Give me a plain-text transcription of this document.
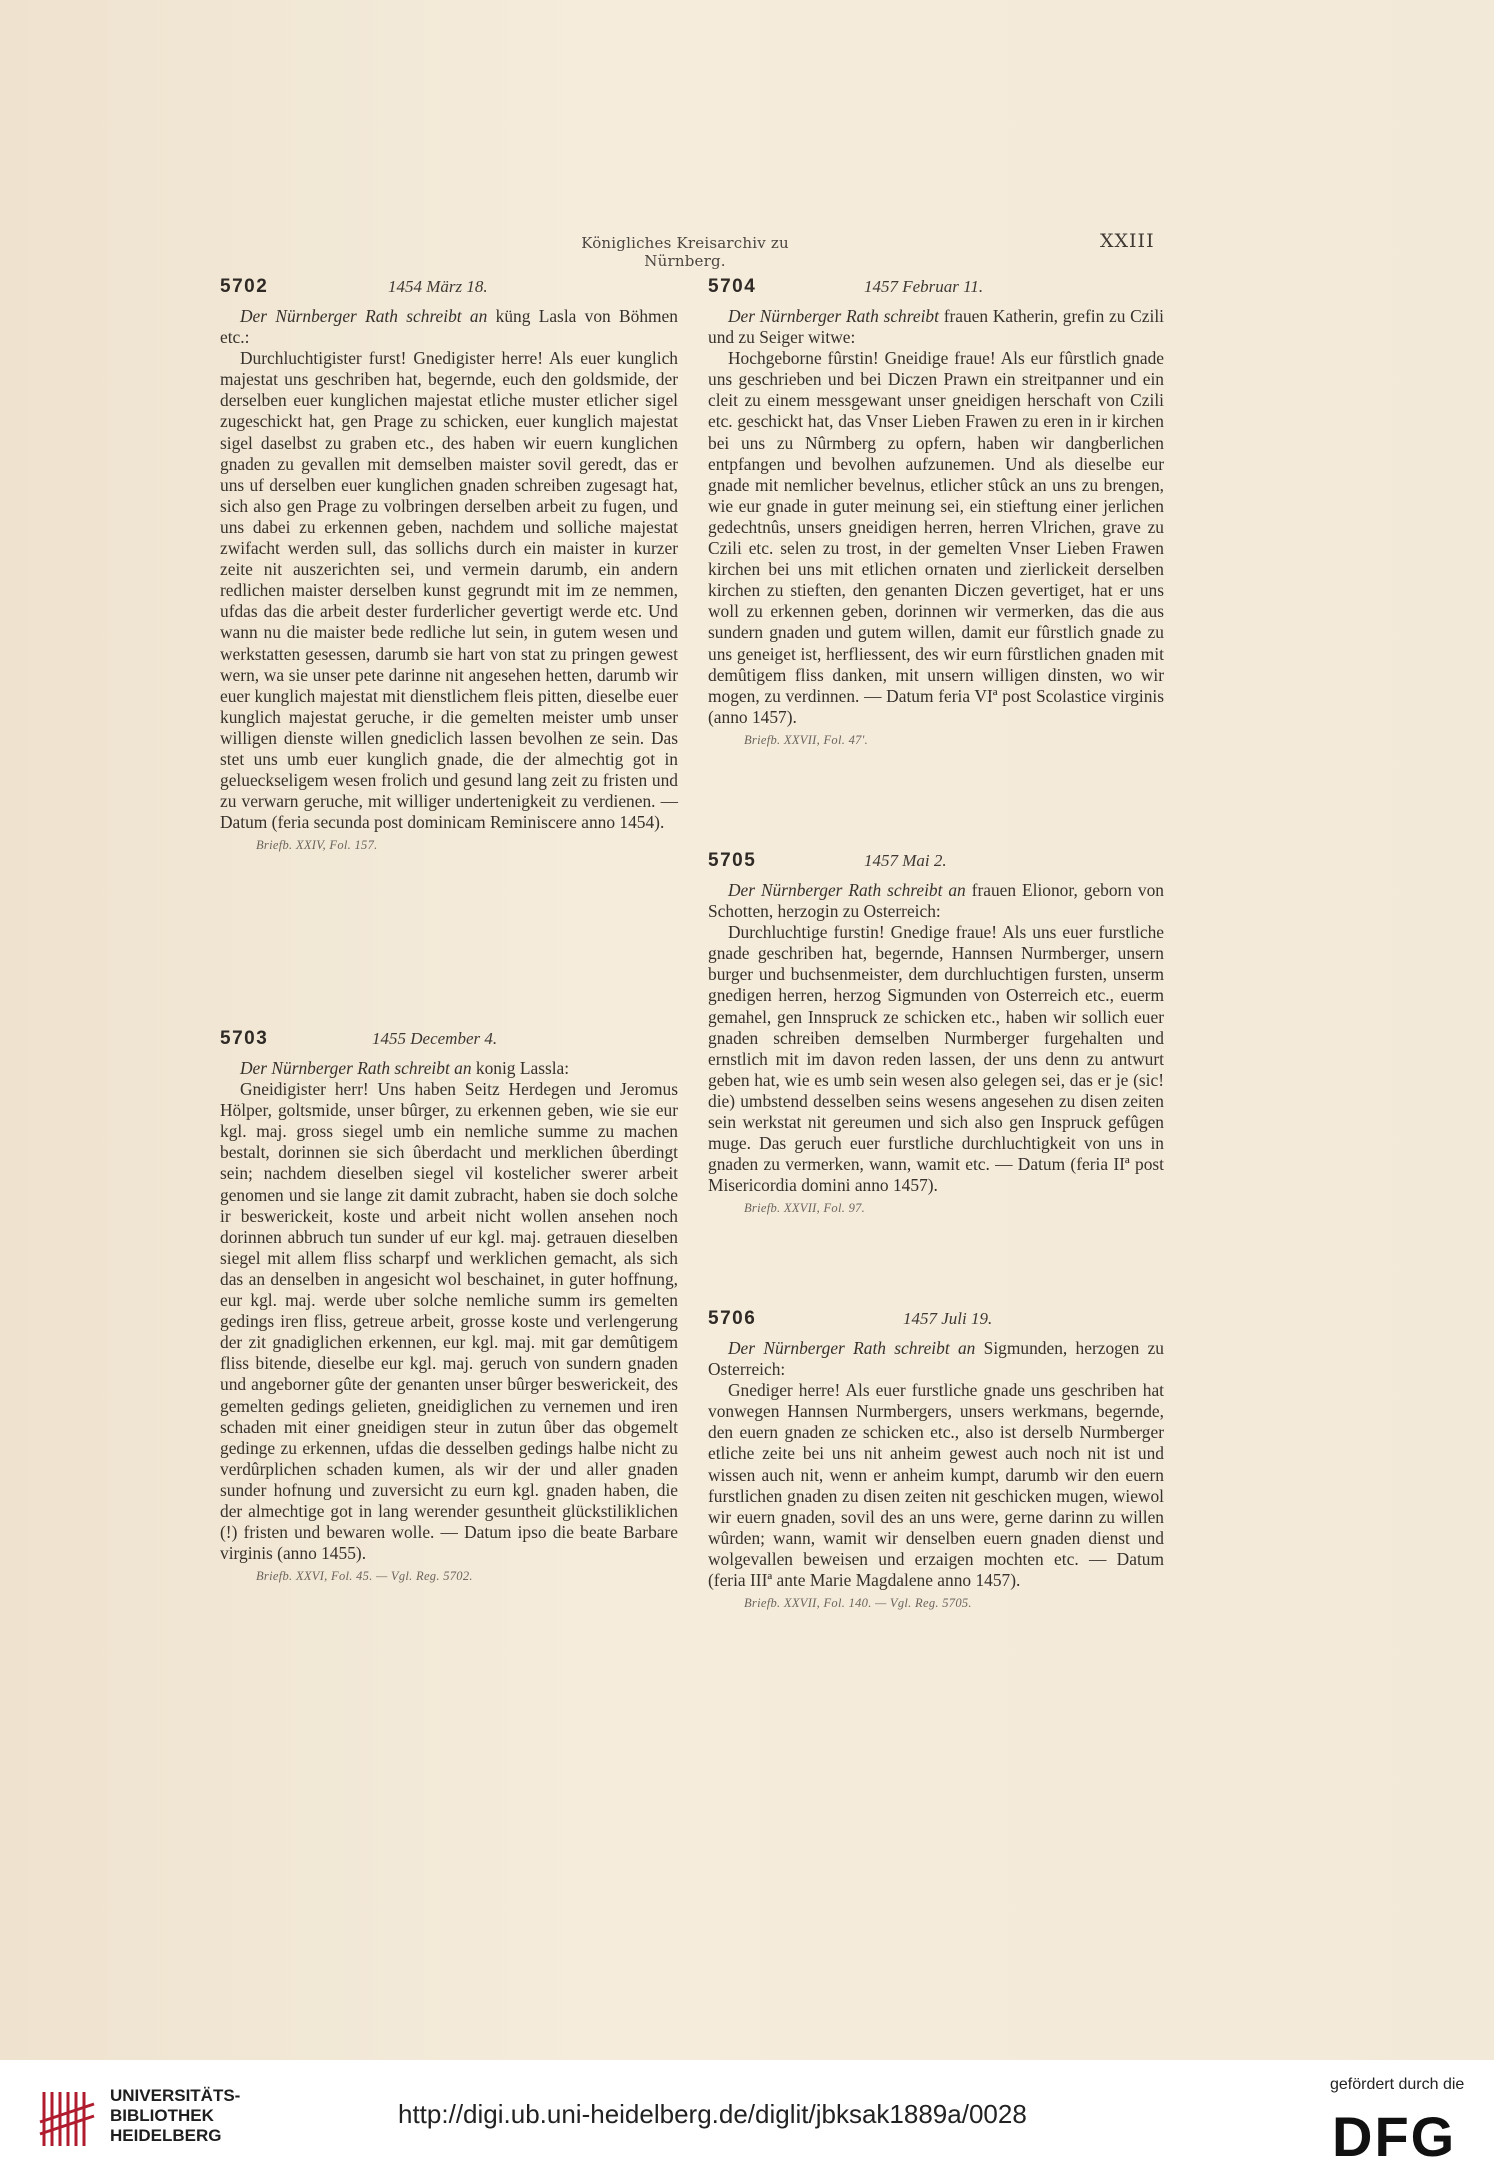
Königliches Kreisarchiv zu Nürnberg.
XXIII
5702	1454 März 18.

Der Nürnberger Rath schreibt an küng Lasla von Böhmen etc.:

Durchluchtigister furst! Gnedigister herre! Als euer kunglich majestat uns geschriben hat, begernde, euch den goldsmide, der derselben euer kunglichen majestat etliche muster etlicher sigel zugeschickt hat, gen Prage zu schicken, euer kunglich majestat sigel daselbst zu graben etc., des haben wir euern kunglichen gnaden zu gevallen mit demselben maister sovil geredt, das er uns uf derselben euer kunglichen gnaden schreiben zugesagt hat, sich also gen Prage zu volbringen derselben arbeit zu fugen, und uns dabei zu erkennen geben, nachdem und solliche majestat zwifacht werden sull, das sollichs durch ein maister in kurzer zeite nit auszerichten sei, und vermein darumb, ein andern redlichen maister derselben kunst gegrundt mit im ze nemmen, ufdas das die arbeit dester furderlicher gevertigt werde etc. Und wann nu die maister bede redliche lut sein, in gutem wesen und werkstatten gesessen, darumb sie hart von stat zu pringen gewest wern, wa sie unser pete darinne nit angesehen hetten, darumb wir euer kunglich majestat mit dienstlichem fleis pitten, dieselbe euer kunglich majestat geruche, ir die gemelten meister umb unser willigen dienste willen gnediclich lassen bevolhen ze sein. Das stet uns umb euer kunglich gnade, die der almechtig got in gelueckseligem wesen frolich und gesund lang zeit zu fristen und zu verwarn geruche, mit williger undertenigkeit zu verdienen. — Datum (feria secunda post dominicam Reminiscere anno 1454).

Briefb. XXIV, Fol. 157.

5703	1455 December 4.

Der Nürnberger Rath schreibt an konig Lassla:

Gneidigister herr! Uns haben Seitz Herdegen und Jeromus Hölper, goltsmide, unser bûrger, zu erkennen geben, wie sie eur kgl. maj. gross siegel umb ein nemliche summe zu machen bestalt, dorinnen sie sich ûberdacht und merklichen ûberdingt sein; nachdem dieselben siegel vil kostelicher swerer arbeit genomen und sie lange zit damit zubracht, haben sie doch solche ir beswerickeit, koste und arbeit nicht wollen ansehen noch dorinnen abbruch tun sunder uf eur kgl. maj. getrauen dieselben siegel mit allem fliss scharpf und werklichen gemacht, als sich das an denselben in angesicht wol beschainet, in guter hoffnung, eur kgl. maj. werde uber solche nemliche summ irs gemelten gedings iren fliss, getreue arbeit, grosse koste und verlengerung der zit gnadiglichen erkennen, eur kgl. maj. mit gar demûtigem fliss bitende, dieselbe eur kgl. maj. geruch von sundern gnaden und angeborner gûte der genanten unser bûrger beswerickeit, des gemelten gedings gelieten, gneidiglichen zu vernemen und iren schaden mit einer gneidigen steur in zutun ûber das obgemelt gedinge zu erkennen, ufdas die desselben gedings halbe nicht zu verdûrplichen schaden kumen, als wir der und aller gnaden sunder hofnung und zuversicht zu eurn kgl. gnaden haben, die der almechtige got in lang werender gesuntheit glückstiliklichen (!) fristen und bewaren wolle. — Datum ipso die beate Barbare virginis (anno 1455).

Briefb. XXVI, Fol. 45. — Vgl. Reg. 5702.

5704	1457 Februar 11.

Der Nürnberger Rath schreibt frauen Katherin, grefin zu Czili und zu Seiger witwe:

Hochgeborne fûrstin! Gneidige fraue! Als eur fûrstlich gnade uns geschrieben und bei Diczen Prawn ein streitpanner und ein cleit zu einem messgewant unser gneidigen herschaft von Czili etc. geschickt hat, das Vnser Lieben Frawen zu eren in ir kirchen bei uns zu Nûrmberg zu opfern, haben wir dangberlichen entpfangen und bevolhen aufzunemen. Und als dieselbe eur gnade mit nemlicher bevelnus, etlicher stûck an uns zu brengen, wie eur gnade in guter meinung sei, ein stieftung einer jerlichen gedechtnûs, unsers gneidigen herren, herren Vlrichen, grave zu Czili etc. selen zu trost, in der gemelten Vnser Lieben Frawen kirchen bei uns mit etlichen ornaten und zierlickeit derselben kirchen zu stieften, den genanten Diczen gevertiget, hat er uns woll zu erkennen geben, dorinnen wir vermerken, das die aus sundern gnaden und gutem willen, damit eur fûrstlich gnade zu uns geneiget ist, herfliessent, des wir eurn fûrstlichen gnaden mit demûtigem fliss danken, mit unsern willigen dinsten, wo wir mogen, zu verdinnen. — Datum feria VIª post Scolastice virginis (anno 1457).

Briefb. XXVII, Fol. 47'.

5705	1457 Mai 2.

Der Nürnberger Rath schreibt an frauen Elionor, geborn von Schotten, herzogin zu Osterreich:

Durchluchtige furstin! Gnedige fraue! Als uns euer furstliche gnade geschriben hat, begernde, Hannsen Nurmberger, unsern burger und buchsenmeister, dem durchluchtigen fursten, unserm gnedigen herren, herzog Sigmunden von Osterreich etc., euerm gemahel, gen Innspruck ze schicken etc., haben wir sollich euer gnaden schreiben demselben Nurmberger furgehalten und ernstlich mit im davon reden lassen, der uns denn zu antwurt geben hat, wie es umb sein wesen also gelegen sei, das er je (sic! die) umbstend desselben seins wesens angesehen zu disen zeiten sein werkstat nit gereumen und sich also gen Inspruck gefûgen muge. Das geruch euer furstliche durchluchtigkeit von uns in gnaden zu vermerken, wann, wamit etc. — Datum (feria IIª post Misericordia domini anno 1457).

Briefb. XXVII, Fol. 97.

5706	1457 Juli 19.

Der Nürnberger Rath schreibt an Sigmunden, herzogen zu Osterreich:

Gnediger herre! Als euer furstliche gnade uns geschriben hat vonwegen Hannsen Nurmbergers, unsers werkmans, begernde, den euern gnaden ze schicken etc., also ist derselb Nurmberger etliche zeite bei uns nit anheim gewest auch noch nit ist und wissen auch nit, wenn er anheim kumpt, darumb wir den euern furstlichen gnaden zu disen zeiten nit geschicken mugen, wiewol wir euern gnaden, sovil des an uns were, gerne darinn zu willen wûrden; wann, wamit wir denselben euern gnaden dienst und wolgevallen beweisen und erzaigen mochten etc. — Datum (feria IIIª ante Marie Magdalene anno 1457).

Briefb. XXVII, Fol. 140. — Vgl. Reg. 5705.

UNIVERSITÄTS-
BIBLIOTHEK
HEIDELBERG
http://digi.ub.uni-heidelberg.de/diglit/jbksak1889a/0028
gefördert durch die
DFG
